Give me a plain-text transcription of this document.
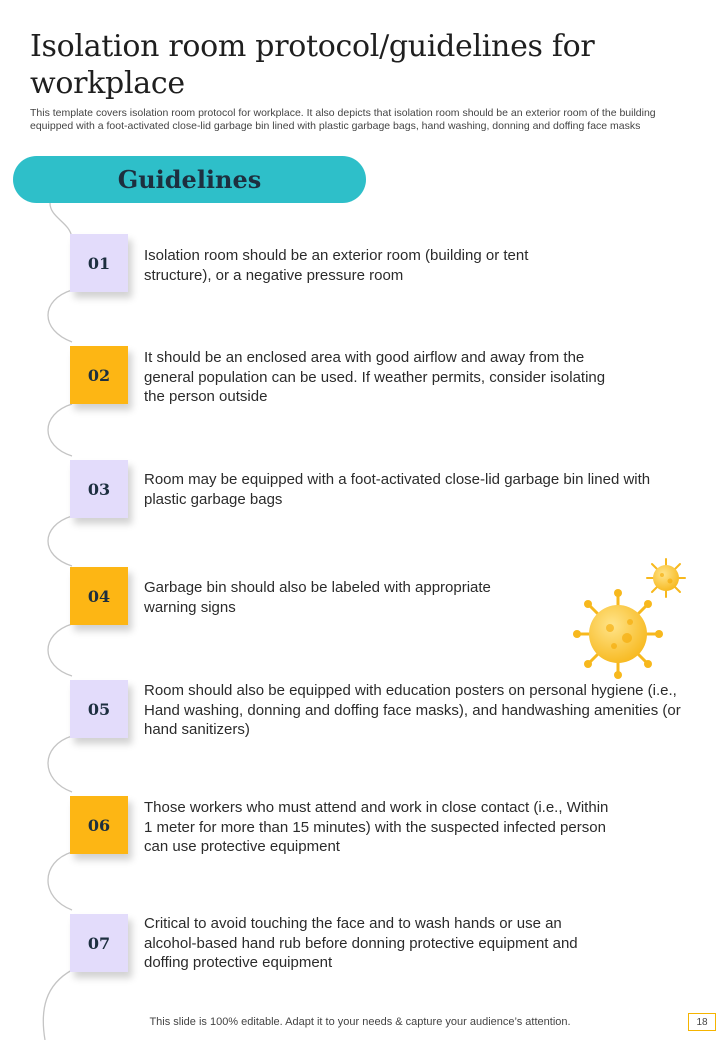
Isolation room protocol/guidelines for workplace
This template covers isolation room protocol for workplace. It also depicts that isolation room should be an exterior room of the building equipped with a foot-activated close-lid garbage bin lined with plastic garbage bags, hand washing, donning and doffing face masks
Guidelines
01	Isolation room should be an exterior room (building or tent structure), or a negative pressure room
02
It should be an enclosed area with good airflow and away from the general population can be used. If weather permits, consider isolating the person outside
03	Room may be equipped with a foot-activated close-lid garbage bin lined with plastic garbage bags
04	Garbage bin should also be labeled with appropriate warning signs
05
Room should also be equipped with education posters on personal hygiene (i.e., Hand washing, donning and doffing face masks), and handwashing amenities (or hand sanitizers)
06
Those workers who must attend and work in close contact (i.e., Within 1 meter for more than 15 minutes) with the suspected infected person can use protective equipment
07
Critical to avoid touching the face and to wash hands or use an alcohol-based hand rub before donning protective equipment and doffing protective equipment
This slide is 100% editable. Adapt it to your needs & capture your audience’s attention.	18
